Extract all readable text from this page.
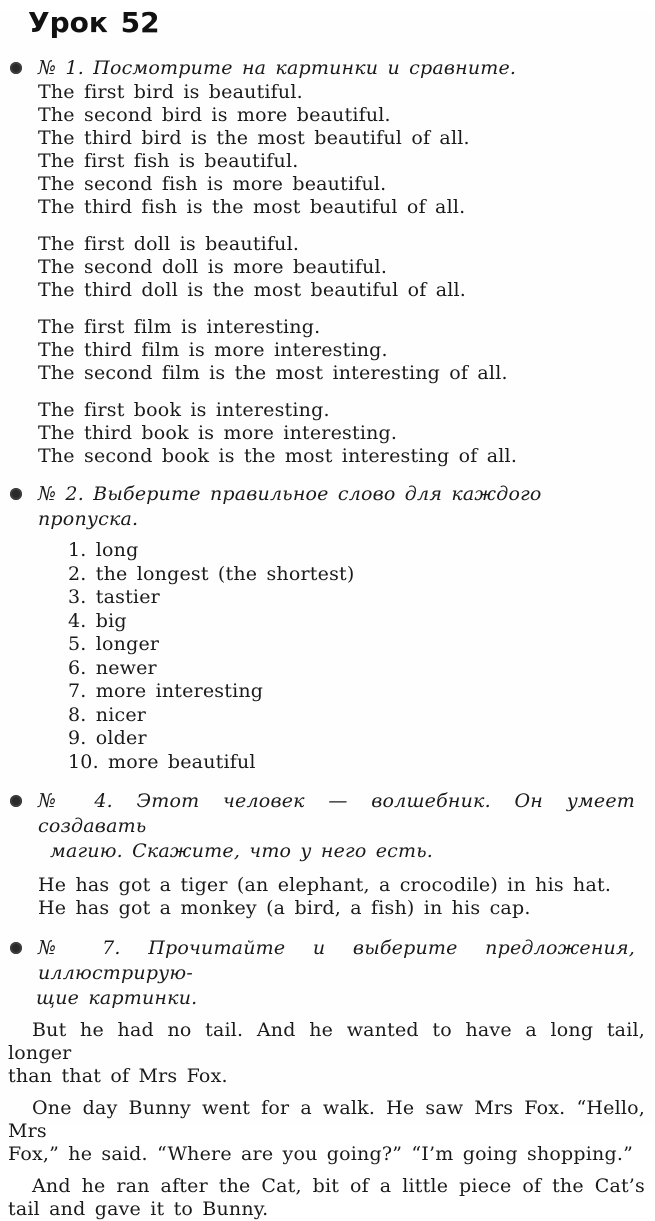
Урок 52
№ 1. Посмотрите на картинки и сравните.
The first bird is beautiful.
The second bird is more beautiful.
The third bird is the most beautiful of all.
The first fish is beautiful.
The second fish is more beautiful.
The third fish is the most beautiful of all.
The first doll is beautiful.
The second doll is more beautiful.
The third doll is the most beautiful of all.
The first film is interesting.
The third film is more interesting.
The second film is the most interesting of all.
The first book is interesting.
The third book is more interesting.
The second book is the most interesting of all.
№ 2. Выберите правильное слово для каждого пропуска.
1. long
2. the longest (the shortest)
3. tastier
4. big
5. longer
6. newer
7. more interesting
8. nicer
9. older
10. more beautiful
№ 4. Этот человек — волшебник. Он умеет создавать
магию. Скажите, что у него есть.
He has got a tiger (an elephant, a crocodile) in his hat.
He has got a monkey (a bird, a fish) in his cap.
№ 7. Прочитайте и выберите предложения, иллюстрирую-
щие картинки.
But he had no tail. And he wanted to have a long tail, longer
than that of Mrs Fox.
One day Bunny went for a walk. He saw Mrs Fox. “Hello, Mrs
Fox,” he said. “Where are you going?” “I’m going shopping.”
And he ran after the Cat, bit of a little piece of the Cat’s
tail and gave it to Bunny.
